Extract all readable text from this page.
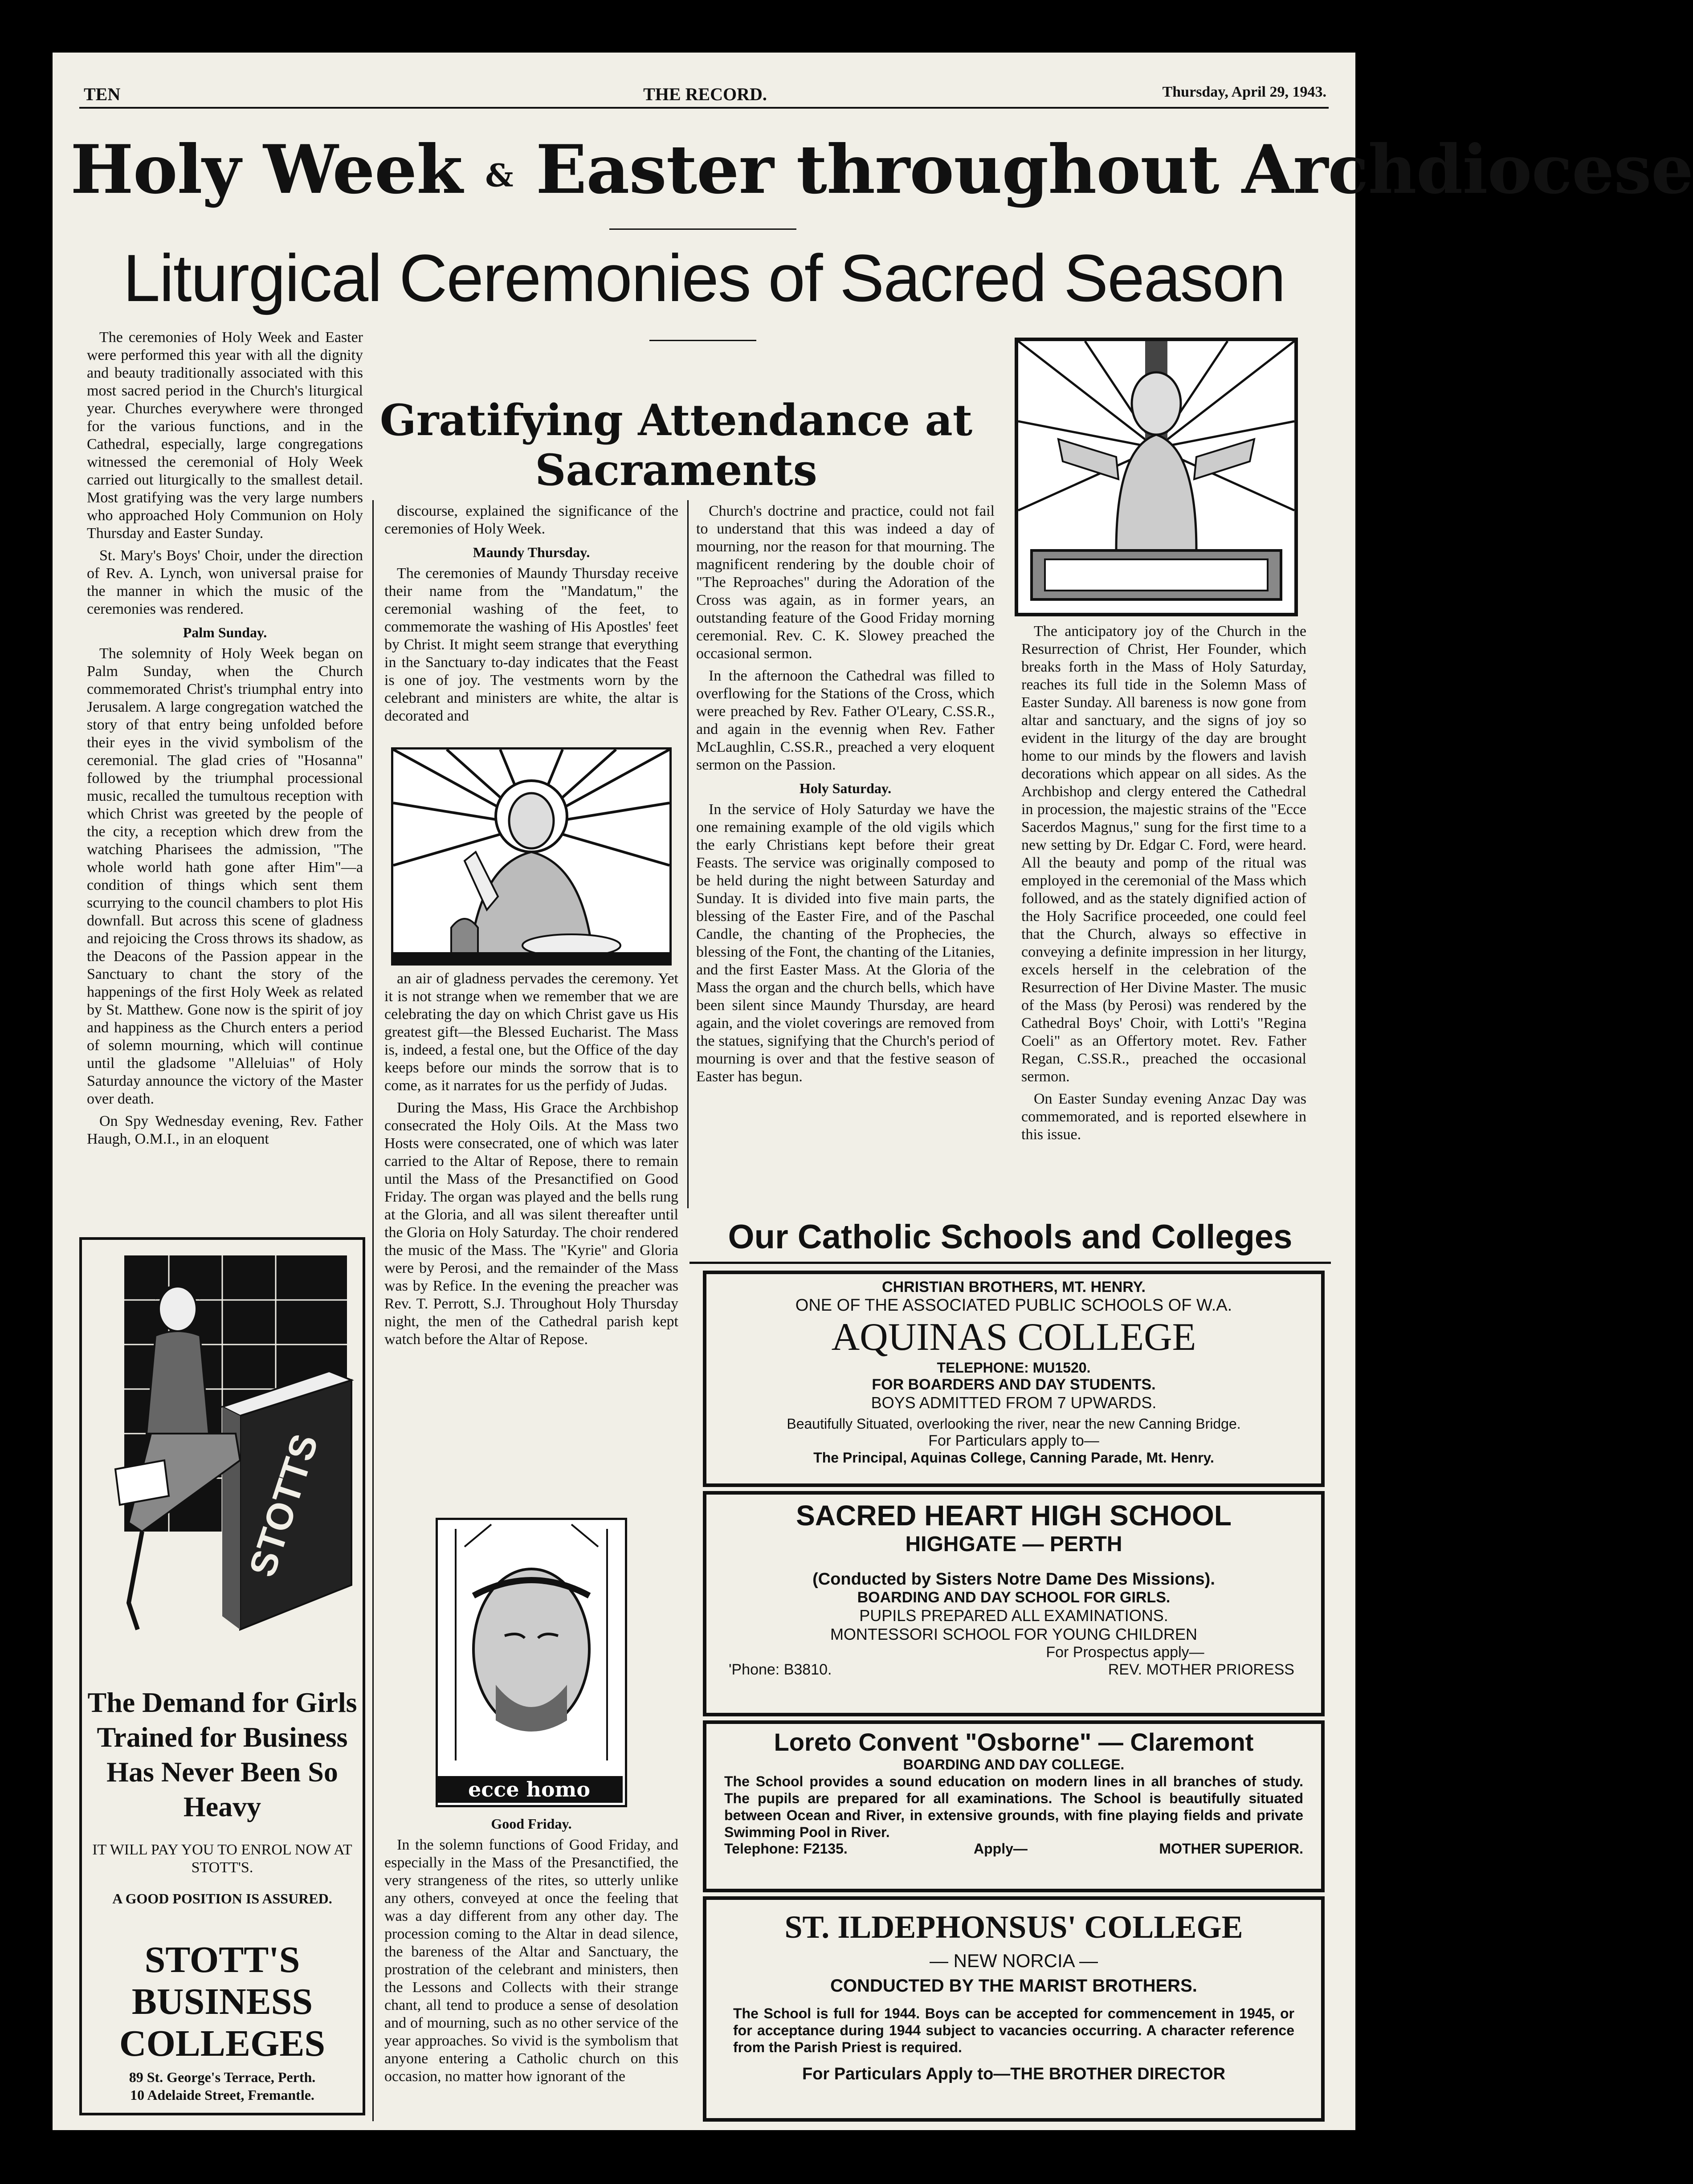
TEN	THE RECORD.	Thursday, April 29, 1943.
Holy Week & Easter throughout Archdiocese
Liturgical Ceremonies of Sacred Season
Gratifying Attendance at Sacraments

The ceremonies of Holy Week and Easter were performed this year with all the dignity and beauty traditionally associated with this most sacred period in the Church's liturgical year. Churches everywhere were thronged for the various functions, and in the Cathedral, especially, large congregations witnessed the ceremonial of Holy Week carried out liturgically to the smallest detail. Most gratifying was the very large numbers who approached Holy Communion on Holy Thursday and Easter Sunday.

St. Mary's Boys' Choir, under the direction of Rev. A. Lynch, won universal praise for the manner in which the music of the ceremonies was rendered.

Palm Sunday.

The solemnity of Holy Week began on Palm Sunday, when the Church commemorated Christ's triumphal entry into Jerusalem. A large congregation watched the story of that entry being unfolded before their eyes in the vivid symbolism of the ceremonial. The glad cries of "Hosanna" followed by the triumphal processional music, recalled the tumultous reception with which Christ was greeted by the people of the city, a reception which drew from the watching Pharisees the admission, "The whole world hath gone after Him"—a condition of things which sent them scurrying to the council chambers to plot His downfall. But across this scene of gladness and rejoicing the Cross throws its shadow, as the Deacons of the Passion appear in the Sanctuary to chant the story of the happenings of the first Holy Week as related by St. Matthew. Gone now is the spirit of joy and happiness as the Church enters a period of solemn mourning, which will continue until the gladsome "Alleluias" of Holy Saturday announce the victory of the Master over death.

On Spy Wednesday evening, Rev. Father Haugh, O.M.I., in an eloquent

discourse, explained the significance of the ceremonies of Holy Week.

Maundy Thursday.

The ceremonies of Maundy Thursday receive their name from the "Mandatum," the ceremonial washing of the feet, to commemorate the washing of His Apostles' feet by Christ. It might seem strange that everything in the Sanctuary to-day indicates that the Feast is one of joy. The vestments worn by the celebrant and ministers are white, the altar is decorated and

an air of gladness pervades the ceremony. Yet it is not strange when we remember that we are celebrating the day on which Christ gave us His greatest gift—the Blessed Eucharist. The Mass is, indeed, a festal one, but the Office of the day keeps before our minds the sorrow that is to come, as it narrates for us the perfidy of Judas.

During the Mass, His Grace the Archbishop consecrated the Holy Oils. At the Mass two Hosts were consecrated, one of which was later carried to the Altar of Repose, there to remain until the Mass of the Presanctified on Good Friday. The organ was played and the bells rung at the Gloria, and all was silent thereafter until the Gloria on Holy Saturday. The choir rendered the music of the Mass. The "Kyrie" and Gloria were by Perosi, and the remainder of the Mass was by Refice. In the evening the preacher was Rev. T. Perrott, S.J. Throughout Holy Thursday night, the men of the Cathedral parish kept watch before the Altar of Repose.

ecce homo
Good Friday.

In the solemn functions of Good Friday, and especially in the Mass of the Presanctified, the very strangeness of the rites, so utterly unlike any others, conveyed at once the feeling that was a day different from any other day. The procession coming to the Altar in dead silence, the bareness of the Altar and Sanctuary, the prostration of the celebrant and ministers, then the Lessons and Collects with their strange chant, all tend to produce a sense of desolation and of mourning, such as no other service of the year approaches. So vivid is the symbolism that anyone entering a Catholic church on this occasion, no matter how ignorant of the

Church's doctrine and practice, could not fail to understand that this was indeed a day of mourning, nor the reason for that mourning. The magnificent rendering by the double choir of "The Reproaches" during the Adoration of the Cross was again, as in former years, an outstanding feature of the Good Friday morning ceremonial. Rev. C. K. Slowey preached the occasional sermon.

In the afternoon the Cathedral was filled to overflowing for the Stations of the Cross, which were preached by Rev. Father O'Leary, C.SS.R., and again in the evennig when Rev. Father McLaughlin, C.SS.R., preached a very eloquent sermon on the Passion.

Holy Saturday.

In the service of Holy Saturday we have the one remaining example of the old vigils which the early Christians kept before their great Feasts. The service was originally composed to be held during the night between Saturday and Sunday. It is divided into five main parts, the blessing of the Easter Fire, and of the Paschal Candle, the chanting of the Prophecies, the blessing of the Font, the chanting of the Litanies, and the first Easter Mass. At the Gloria of the Mass the organ and the church bells, which have been silent since Maundy Thursday, are heard again, and the violet coverings are removed from the statues, signifying that the Church's period of mourning is over and that the festive season of Easter has begun.

The anticipatory joy of the Church in the Resurrection of Christ, Her Founder, which breaks forth in the Mass of Holy Saturday, reaches its full tide in the Solemn Mass of Easter Sunday. All bareness is now gone from altar and sanctuary, and the signs of joy so evident in the liturgy of the day are brought home to our minds by the flowers and lavish decorations which appear on all sides. As the Archbishop and clergy entered the Cathedral in procession, the majestic strains of the "Ecce Sacerdos Magnus," sung for the first time to a new setting by Dr. Edgar C. Ford, were heard. All the beauty and pomp of the ritual was employed in the ceremonial of the Mass which followed, and as the stately dignified action of the Holy Sacrifice proceeded, one could feel that the Church, always so effective in conveying a definite impression in her liturgy, excels herself in the celebration of the Resurrection of Her Divine Master. The music of the Mass (by Perosi) was rendered by the Cathedral Boys' Choir, with Lotti's "Regina Coeli" as an Offertory motet. Rev. Father Regan, C.SS.R., preached the occasional sermon.

On Easter Sunday evening Anzac Day was commemorated, and is reported elsewhere in this issue.

STOTTS
The Demand for Girls Trained for Business Has Never Been So Heavy
IT WILL PAY YOU TO ENROL NOW AT STOTT'S.
A GOOD POSITION IS ASSURED.
STOTT'S
BUSINESS
COLLEGES
89 St. George's Terrace, Perth.
10 Adelaide Street, Fremantle.
Our Catholic Schools and Colleges
CHRISTIAN BROTHERS, MT. HENRY.
ONE OF THE ASSOCIATED PUBLIC SCHOOLS OF W.A.
AQUINAS COLLEGE
TELEPHONE: MU1520.
FOR BOARDERS AND DAY STUDENTS.
BOYS ADMITTED FROM 7 UPWARDS.
Beautifully Situated, overlooking the river, near the new Canning Bridge.
For Particulars apply to—
The Principal, Aquinas College, Canning Parade, Mt. Henry.
SACRED HEART HIGH SCHOOL
HIGHGATE — PERTH
(Conducted by Sisters Notre Dame Des Missions).
BOARDING AND DAY SCHOOL FOR GIRLS.
PUPILS PREPARED ALL EXAMINATIONS.
MONTESSORI SCHOOL FOR YOUNG CHILDREN
For Prospectus apply—
'Phone: B3810.	REV. MOTHER PRIORESS
Loreto Convent "Osborne" — Claremont
BOARDING AND DAY COLLEGE.
The School provides a sound education on modern lines in all branches of study. The pupils are prepared for all examinations. The School is beautifully situated between Ocean and River, in extensive grounds, with fine playing fields and private Swimming Pool in River.
Telephone: F2135.	Apply—	MOTHER SUPERIOR.
ST. ILDEPHONSUS' COLLEGE
— NEW NORCIA —
CONDUCTED BY THE MARIST BROTHERS.
The School is full for 1944. Boys can be accepted for commencement in 1945, or for acceptance during 1944 subject to vacancies occurring. A character reference from the Parish Priest is required.
For Particulars Apply to—THE BROTHER DIRECTOR
